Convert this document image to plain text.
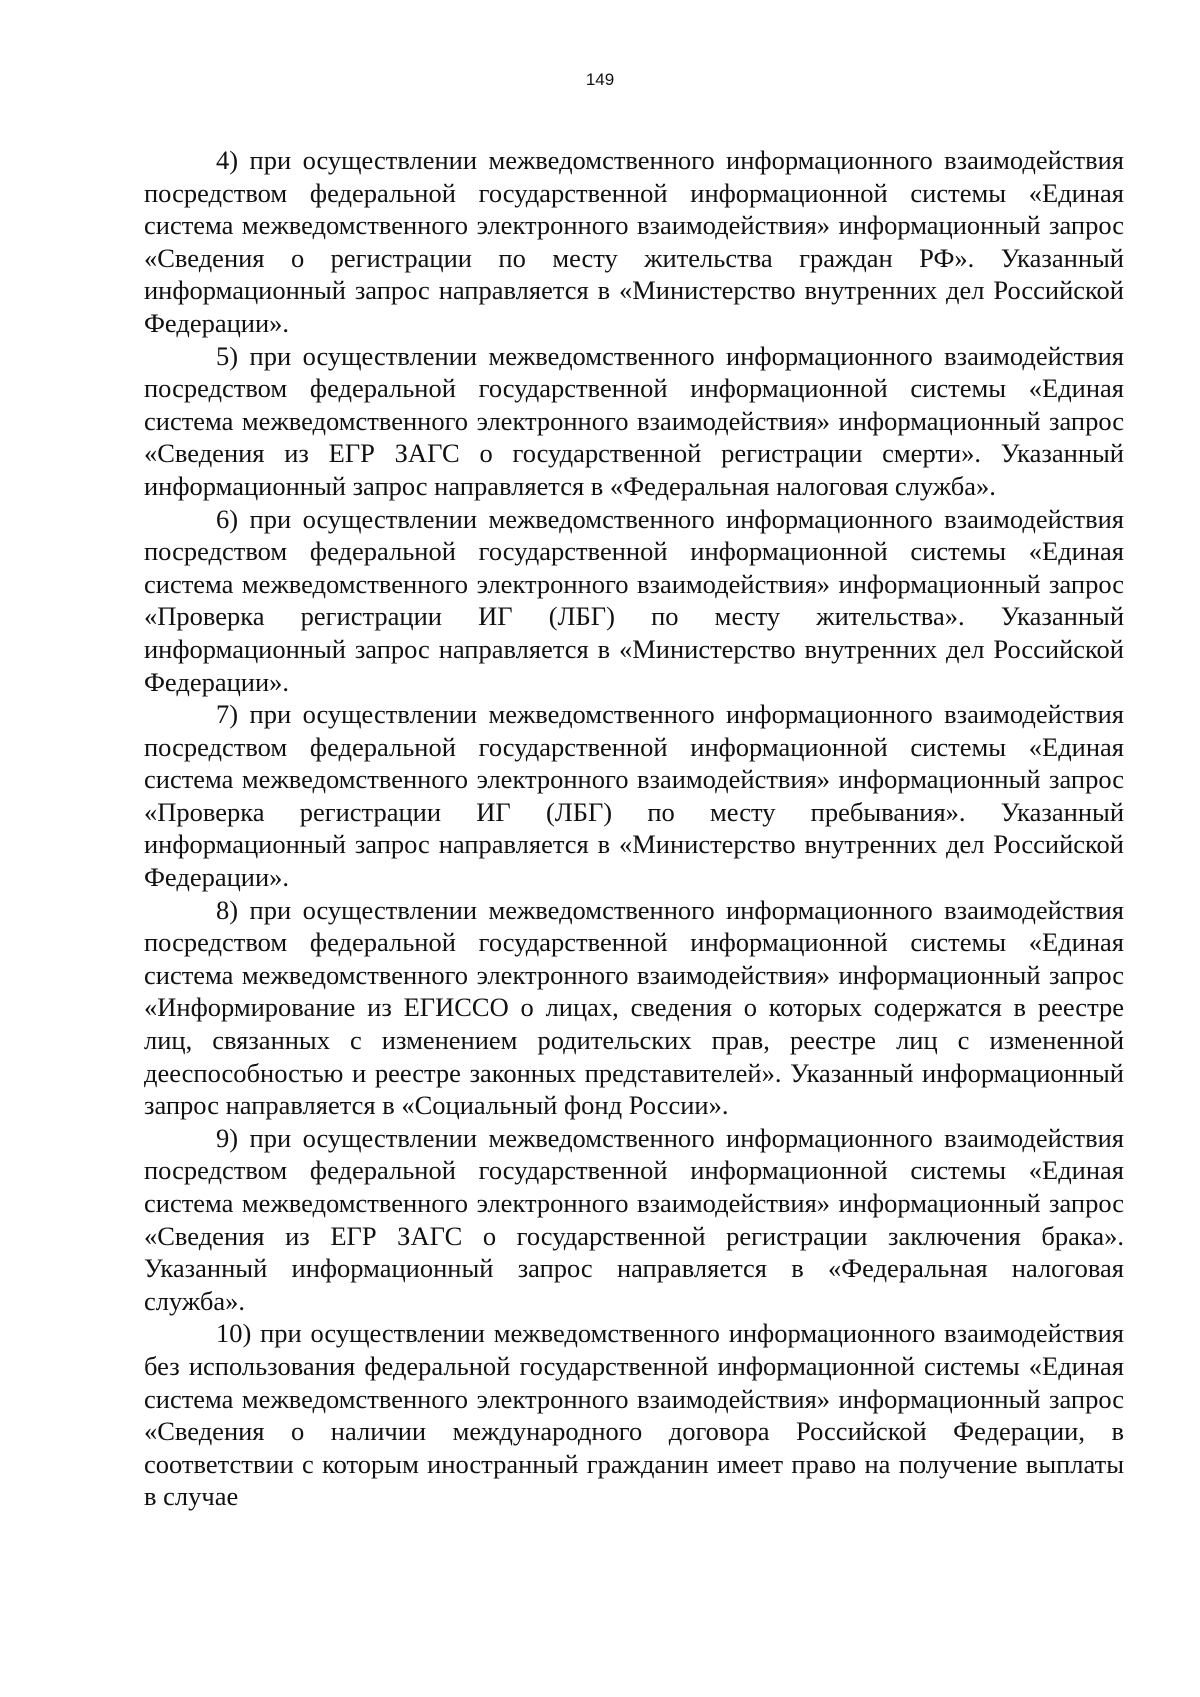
149

4) при осуществлении межведомственного информационного взаимодействия посредством федеральной государственной информационной системы «Единая система межведомственного электронного взаимодействия» информационный запрос «Сведения о регистрации по месту жительства граждан РФ». Указанный информационный запрос направляется в «Министерство внутренних дел Российской Федерации».

5) при осуществлении межведомственного информационного взаимодействия посредством федеральной государственной информационной системы «Единая система межведомственного электронного взаимодействия» информационный запрос «Сведения из ЕГР ЗАГС о государственной регистрации смерти». Указанный информационный запрос направляется в «Федеральная налоговая служба».

6) при осуществлении межведомственного информационного взаимодействия посредством федеральной государственной информационной системы «Единая система межведомственного электронного взаимодействия» информационный запрос «Проверка регистрации ИГ (ЛБГ) по месту жительства». Указанный информационный запрос направляется в «Министерство внутренних дел Российской Федерации».

7) при осуществлении межведомственного информационного взаимодействия посредством федеральной государственной информационной системы «Единая система межведомственного электронного взаимодействия» информационный запрос «Проверка регистрации ИГ (ЛБГ) по месту пребывания». Указанный информационный запрос направляется в «Министерство внутренних дел Российской Федерации».

8) при осуществлении межведомственного информационного взаимодействия посредством федеральной государственной информационной системы «Единая система межведомственного электронного взаимодействия» информационный запрос «Информирование из ЕГИССО о лицах, сведения о которых содержатся в реестре лиц, связанных с изменением родительских прав, реестре лиц с измененной дееспособностью и реестре законных представителей». Указанный информационный запрос направляется в «Социальный фонд России».

9) при осуществлении межведомственного информационного взаимодействия посредством федеральной государственной информационной системы «Единая система межведомственного электронного взаимодействия» информационный запрос «Сведения из ЕГР ЗАГС о государственной регистрации заключения брака». Указанный информационный запрос направляется в «Федеральная налоговая служба».

10) при осуществлении межведомственного информационного взаимодействия без использования федеральной государственной информационной системы «Единая система межведомственного электронного взаимодействия» информационный запрос «Сведения о наличии международного договора Российской Федерации, в соответствии с которым иностранный гражданин имеет право на получение выплаты в случае
